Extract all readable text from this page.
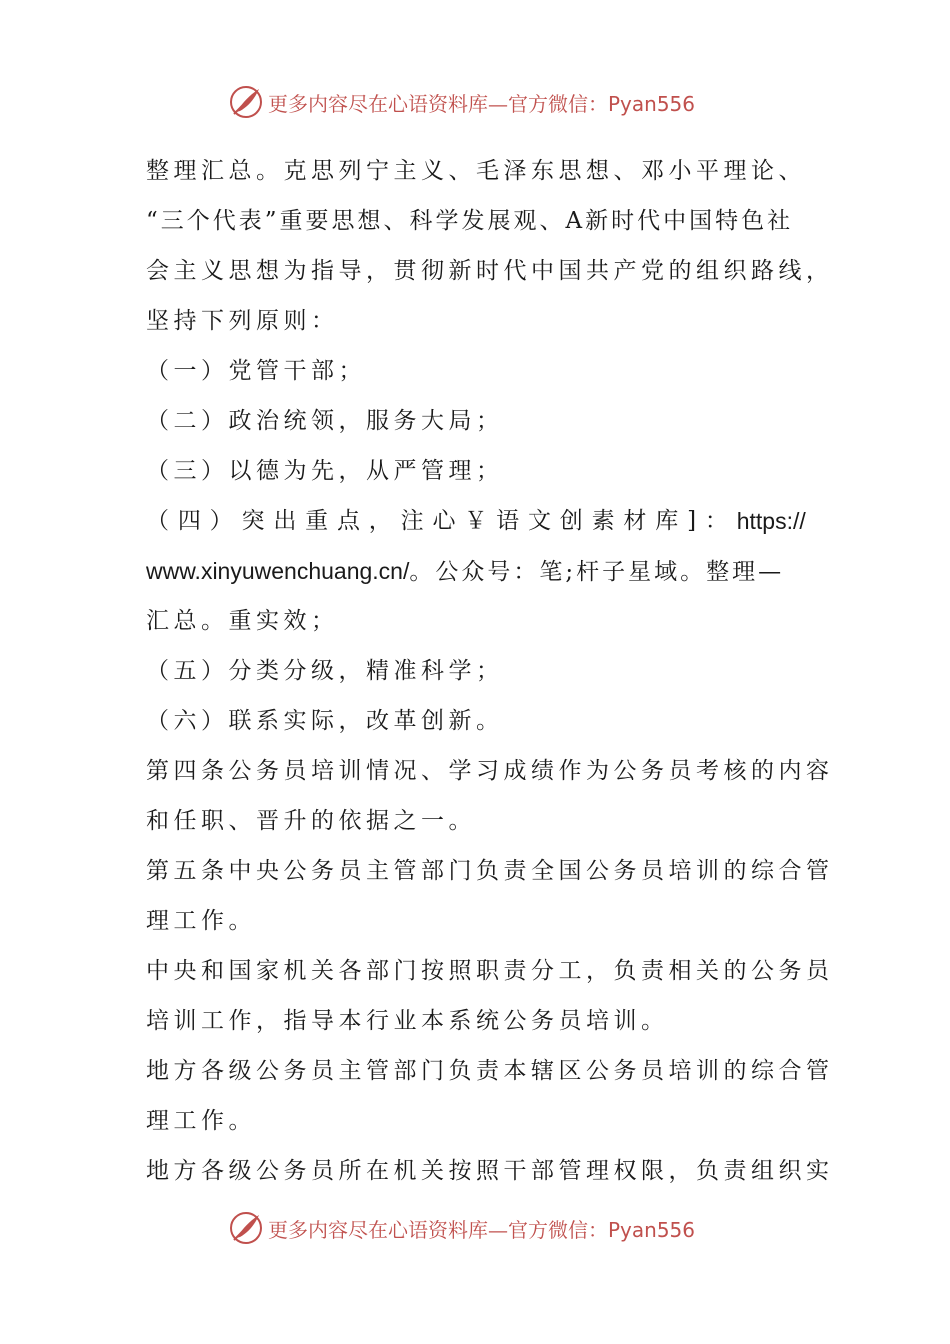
更多内容尽在心语资料库—官方微信：Pyan556
整理汇总。克思列宁主义、毛泽东思想、邓小平理论、
“三个代表”重要思想、科学发展观、A新时代中国特色社
会主义思想为指导，贯彻新时代中国共产党的组织路线，
坚持下列原则：
（一）党管干部；
（二）政治统领，服务大局；
（三）以德为先，从严管理；
（ 四 ） 突 出 重 点 ， 注 心 ￥ 语 文 创 素 材 库 ] ： https://
www.xinyuwenchuang.cn/。公众号：笔;杆子星域。整理—
汇总。重实效；
（五）分类分级，精准科学；
（六）联系实际，改革创新。
第四条公务员培训情况、学习成绩作为公务员考核的内容
和任职、晋升的依据之一。
第五条中央公务员主管部门负责全国公务员培训的综合管
理工作。
中央和国家机关各部门按照职责分工，负责相关的公务员
培训工作，指导本行业本系统公务员培训。
地方各级公务员主管部门负责本辖区公务员培训的综合管
理工作。
地方各级公务员所在机关按照干部管理权限，负责组织实
更多内容尽在心语资料库—官方微信：Pyan556
